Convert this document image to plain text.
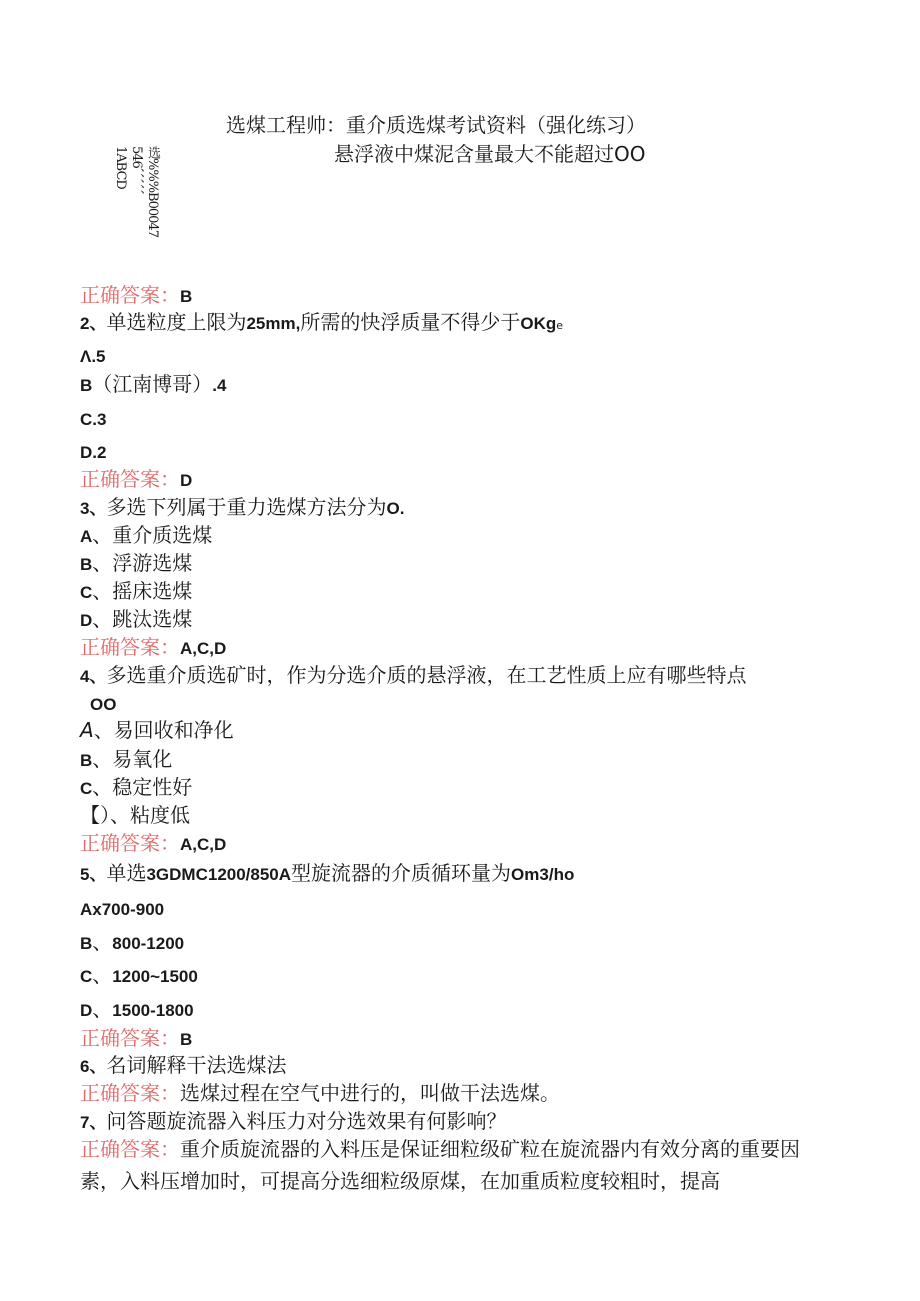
选煤工程帅：重介质选煤考试资料（强化练习）
悬浮液中煤泥含量最大不能超过OO
选%%%B00047
546、、、、、
1ABCD
正确答案：B
2、单选粒度上限为25mm,所需的快浮质量不得少于OKge
Λ.5
B（江南博哥）.4
C.3
D.2
正确答案：D
3、多选下列属于重力选煤方法分为O.
A、重介质选煤
B、浮游选煤
C、摇床选煤
D、跳汰选煤
正确答案：A,C,D
4、多选重介质选矿时，作为分选介质的悬浮液，在工艺性质上应有哪些特点
OO
A、易回收和净化
B、易氧化
C、稳定性好
【）、粘度低
正确答案：A,C,D
5、单选3GDMC1200/850A型旋流器的介质循环量为Om3/ho
Ax700-900
B、800-1200
C、1200~1500
D、1500-1800
正确答案：B
6、名词解释干法选煤法
正确答案：选煤过程在空气中进行的，叫做干法选煤。
7、问答题旋流器入料压力对分选效果有何影响？
正确答案：重介质旋流器的入料压是保证细粒级矿粒在旋流器内有效分离的重要因素，入料压增加时，可提高分选细粒级原煤，在加重质粒度较粗时，提高
